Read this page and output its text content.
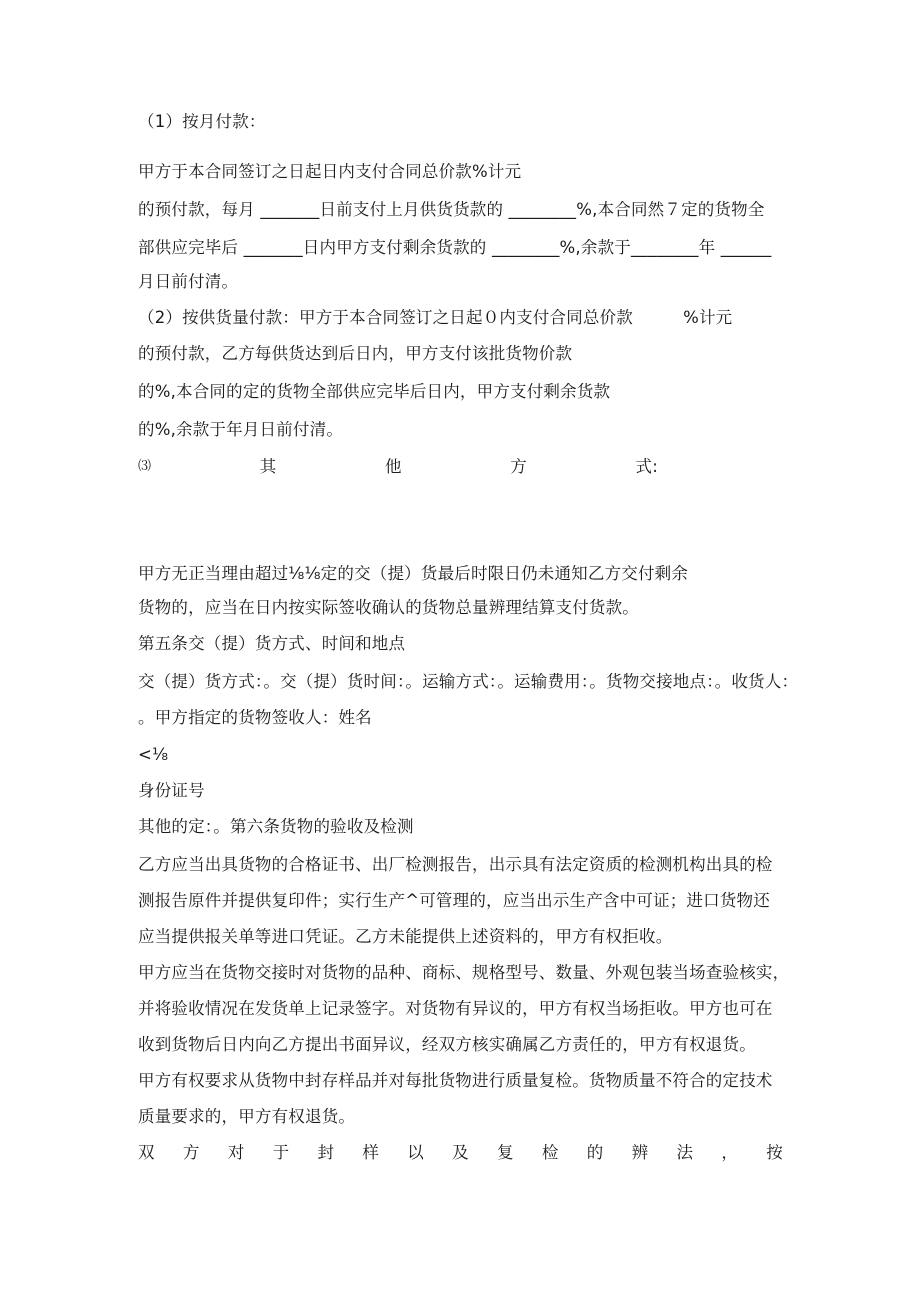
（1）按月付款：
甲方于本合同签订之日起日内支付合同总价款%计元
的预付款，每月 _______日前支付上月供货货款的 ________%,本合同然７定的货物全
部供应完毕后 _______日内甲方支付剩余货款的 ________%,余款于________年 ______
月日前付清。
（2）按供货量付款：甲方于本合同签订之日起０内支付合同总价款　　　%计元
的预付款，乙方每供货达到后日内，甲方支付该批货物价款
的%,本合同的定的货物全部供应完毕后日内，甲方支付剩余货款
的%,余款于年月日前付清。
⑶	其	他	方	式:
甲方无正当理由超过⅛⅛定的交（提）货最后时限日仍未通知乙方交付剩余
货物的，应当在日内按实际签收确认的货物总量辨理结算支付货款。
第五条交（提）货方式、时间和地点
交（提）货方式：。交（提）货时间：。运输方式：。运输费用：。货物交接地点：。收货人：
。甲方指定的货物签收人：姓名
<⅛
身份证号
其他的定：。第六条货物的验收及检测
乙方应当出具货物的合格证书、出厂检测报告，出示具有法定资质的检测机构出具的检
测报告原件并提供复印件；实行生产^可管理的，应当出示生产含中可证；进口货物还
应当提供报关单等进口凭证。乙方未能提供上述资料的，甲方有权拒收。
甲方应当在货物交接时对货物的品种、商标、规格型号、数量、外观包装当场查验核实，
并将验收情况在发货单上记录签字。对货物有异议的，甲方有权当场拒收。甲方也可在
收到货物后日内向乙方提出书面异议，经双方核实确属乙方责任的，甲方有权退货。
甲方有权要求从货物中封存样品并对每批货物进行质量复检。货物质量不符合的定技术
质量要求的，甲方有权退货。
双 方 对 于 封 样 以 及 复 检 的 辨 法 ， 按
